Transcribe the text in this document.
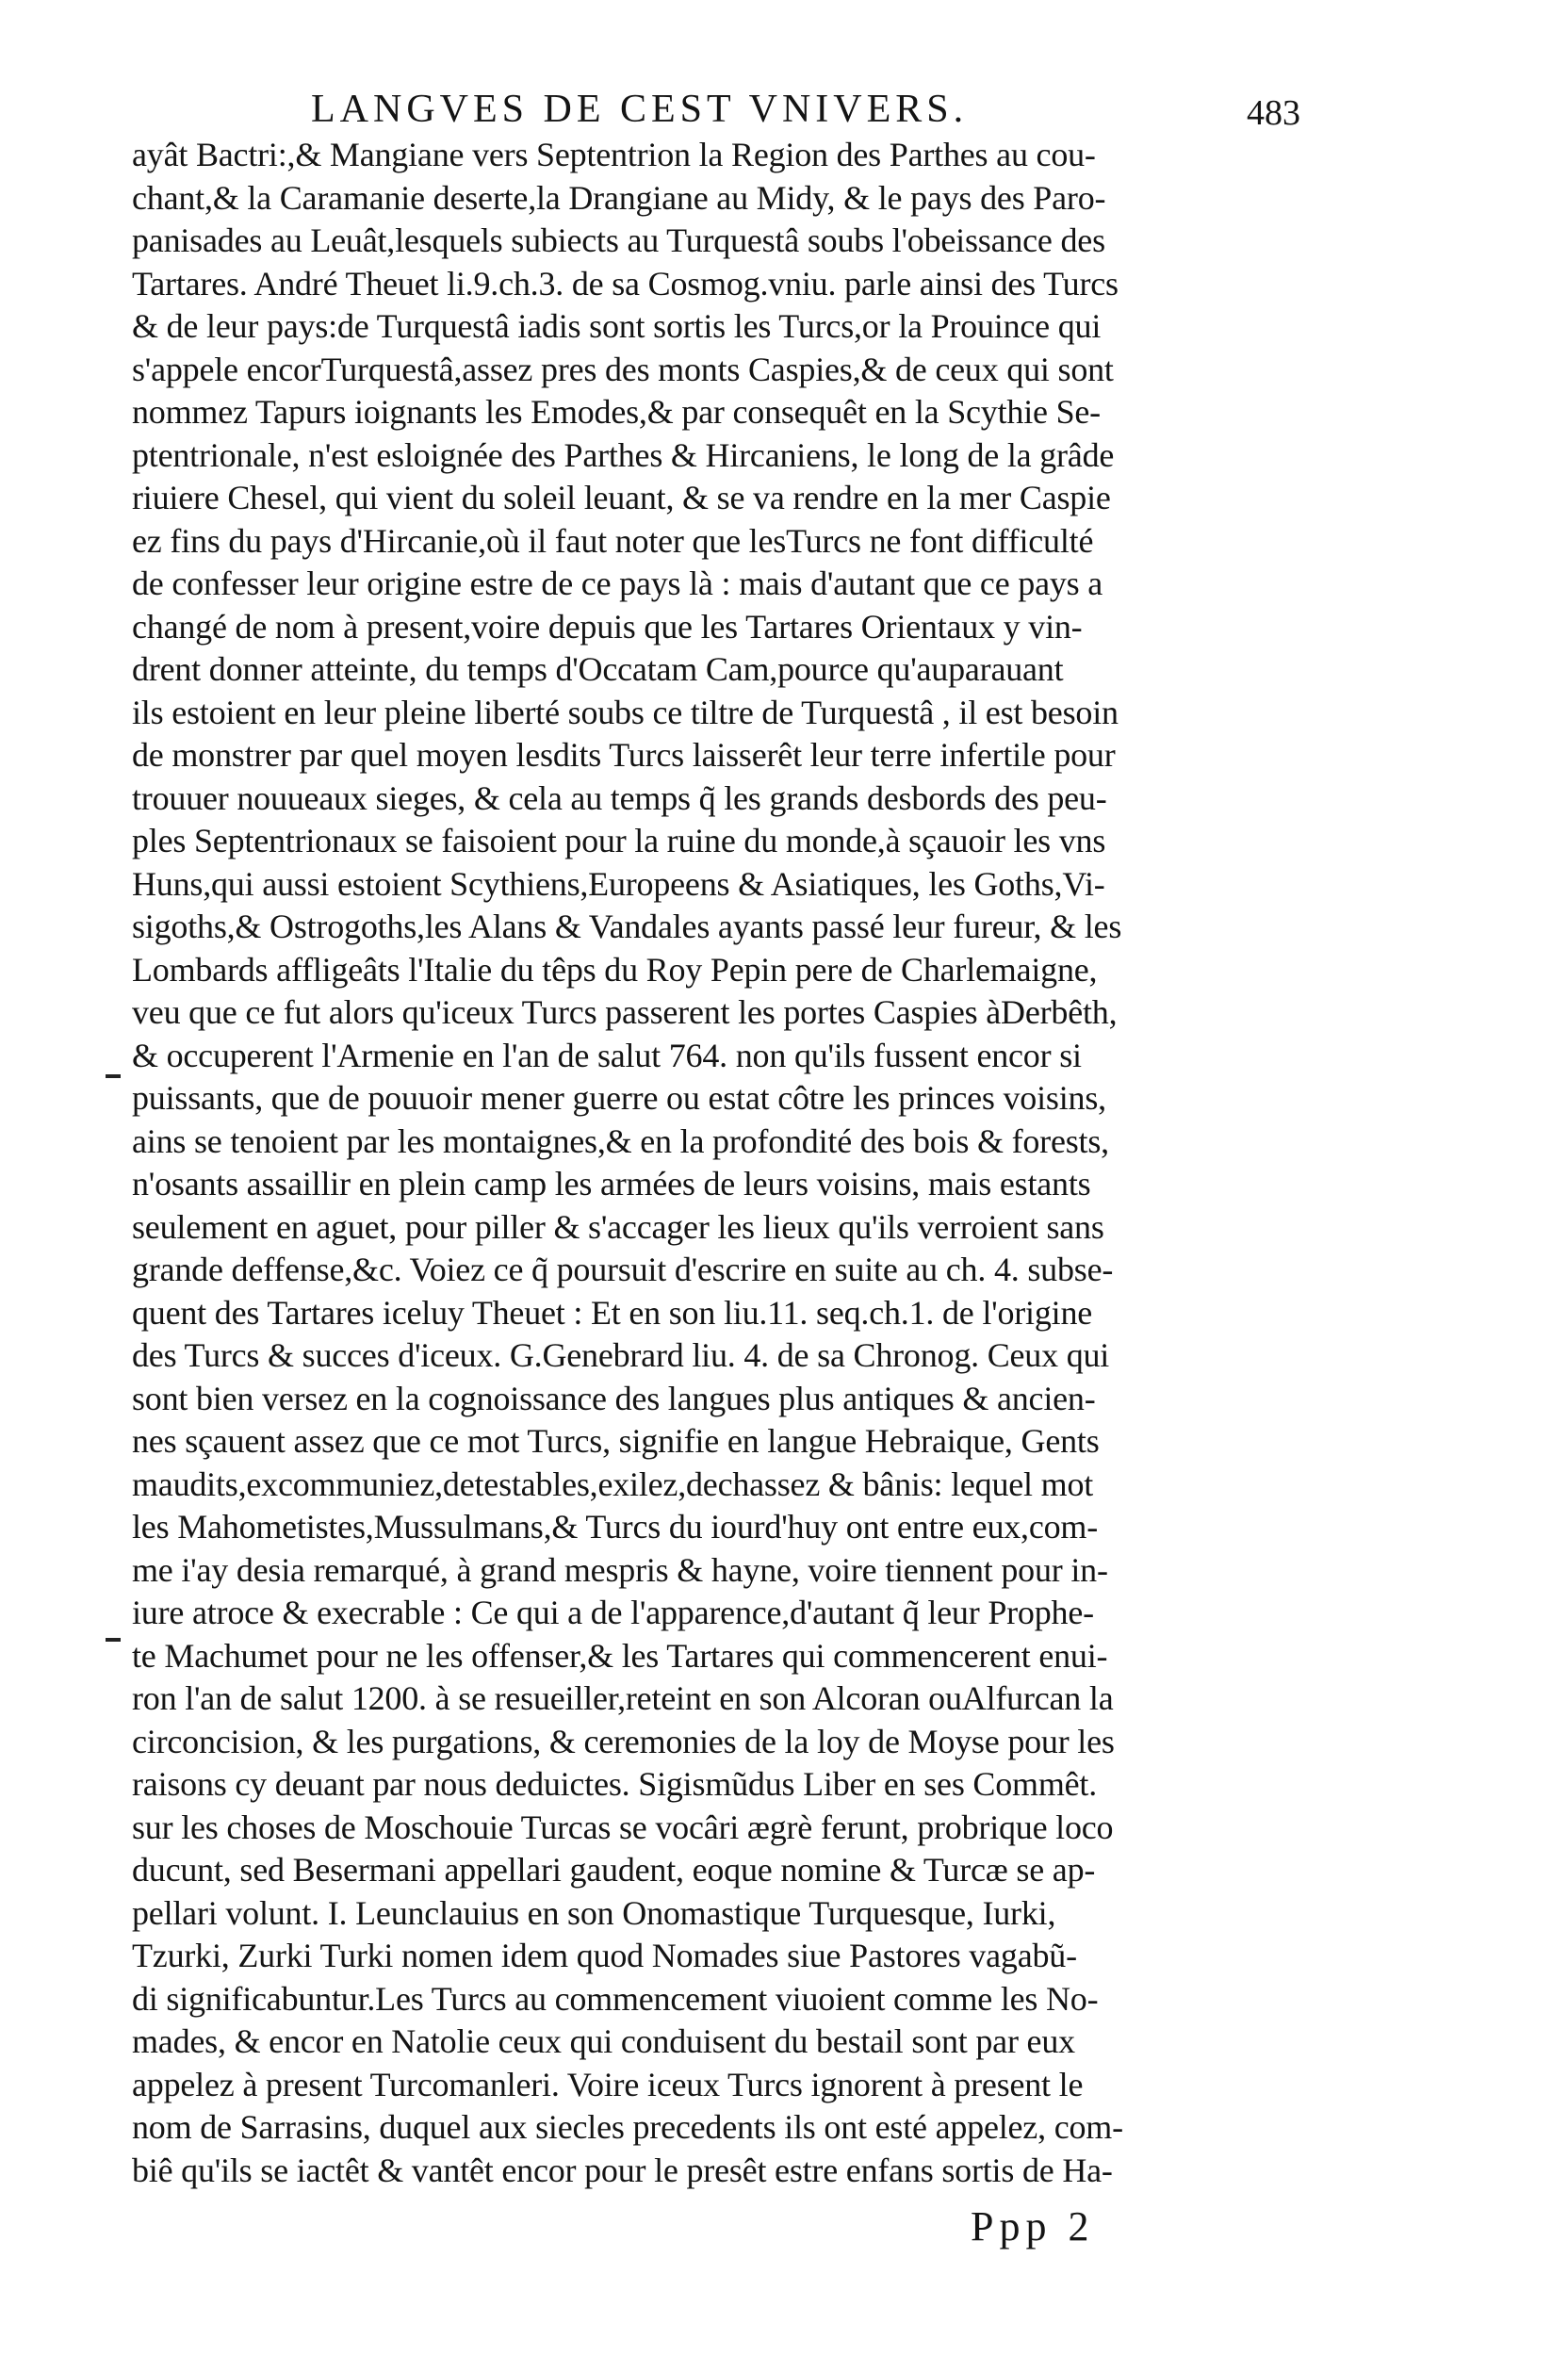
LANGVES DE CEST VNIVERS.	483
ayât Bactri:,& Mangiane vers Septentrion la Region des Parthes au cou-
chant,& la Caramanie deserte,la Drangiane au Midy, & le pays des Paro-
panisades au Leuât,lesquels subiects au Turquestâ soubs l'obeissance des
Tartares. André Theuet li.9.ch.3. de sa Cosmog.vniu. parle ainsi des Turcs
& de leur pays:de Turquestâ iadis sont sortis les Turcs,or la Prouince qui
s'appele encorTurquestâ,assez pres des monts Caspies,& de ceux qui sont
nommez Tapurs ioignants les Emodes,& par consequêt en la Scythie Se-
ptentrionale, n'est esloignée des Parthes & Hircaniens, le long de la grâde
riuiere Chesel, qui vient du soleil leuant, & se va rendre en la mer Caspie
ez fins du pays d'Hircanie,où il faut noter que lesTurcs ne font difficulté
de confesser leur origine estre de ce pays là : mais d'autant que ce pays a
changé de nom à present,voire depuis que les Tartares Orientaux y vin-
drent donner atteinte, du temps d'Occatam Cam,pource qu'auparauant
ils estoient en leur pleine liberté soubs ce tiltre de Turquestâ , il est besoin
de monstrer par quel moyen lesdits Turcs laisserêt leur terre infertile pour
trouuer nouueaux sieges, & cela au temps q̃ les grands desbords des peu-
ples Septentrionaux se faisoient pour la ruine du monde,à sçauoir les vns
Huns,qui aussi estoient Scythiens,Europeens & Asiatiques, les Goths,Vi-
sigoths,& Ostrogoths,les Alans & Vandales ayants passé leur fureur, & les
Lombards affligeâts l'Italie du têps du Roy Pepin pere de Charlemaigne,
veu que ce fut alors qu'iceux Turcs passerent les portes Caspies àDerbêth,
& occuperent l'Armenie en l'an de salut 764. non qu'ils fussent encor si
puissants, que de pouuoir mener guerre ou estat côtre les princes voisins,
ains se tenoient par les montaignes,& en la profondité des bois & forests,
n'osants assaillir en plein camp les armées de leurs voisins, mais estants
seulement en aguet, pour piller & s'accager les lieux qu'ils verroient sans
grande deffense,&c. Voiez ce q̃ poursuit d'escrire en suite au ch. 4. subse-
quent des Tartares iceluy Theuet : Et en son liu.11. seq.ch.1. de l'origine
des Turcs & succes d'iceux. G.Genebrard liu. 4. de sa Chronog. Ceux qui
sont bien versez en la cognoissance des langues plus antiques & ancien-
nes sçauent assez que ce mot Turcs, signifie en langue Hebraique, Gents
maudits,excommuniez,detestables,exilez,dechassez & bânis: lequel mot
les Mahometistes,Mussulmans,& Turcs du iourd'huy ont entre eux,com-
me i'ay desia remarqué, à grand mespris & hayne, voire tiennent pour in-
iure atroce & execrable : Ce qui a de l'apparence,d'autant q̃ leur Prophe-
te Machumet pour ne les offenser,& les Tartares qui commencerent enui-
ron l'an de salut 1200. à se resueiller,reteint en son Alcoran ouAlfurcan la
circoncision, & les purgations, & ceremonies de la loy de Moyse pour les
raisons cy deuant par nous deduictes. Sigismũdus Liber en ses Commêt.
sur les choses de Moschouie Turcas se vocâri ægrè ferunt, probrique loco
ducunt, sed Besermani appellari gaudent, eoque nomine & Turcæ se ap-
pellari volunt. I. Leunclauius en son Onomastique Turquesque, Iurki,
Tzurki, Zurki Turki nomen idem quod Nomades siue Pastores vagabũ-
di significabuntur.Les Turcs au commencement viuoient comme les No-
mades, & encor en Natolie ceux qui conduisent du bestail sont par eux
appelez à present Turcomanleri. Voire iceux Turcs ignorent à present le
nom de Sarrasins, duquel aux siecles precedents ils ont esté appelez, com-
biê qu'ils se iactêt & vantêt encor pour le presêt estre enfans sortis de Ha-
Ppp 2
